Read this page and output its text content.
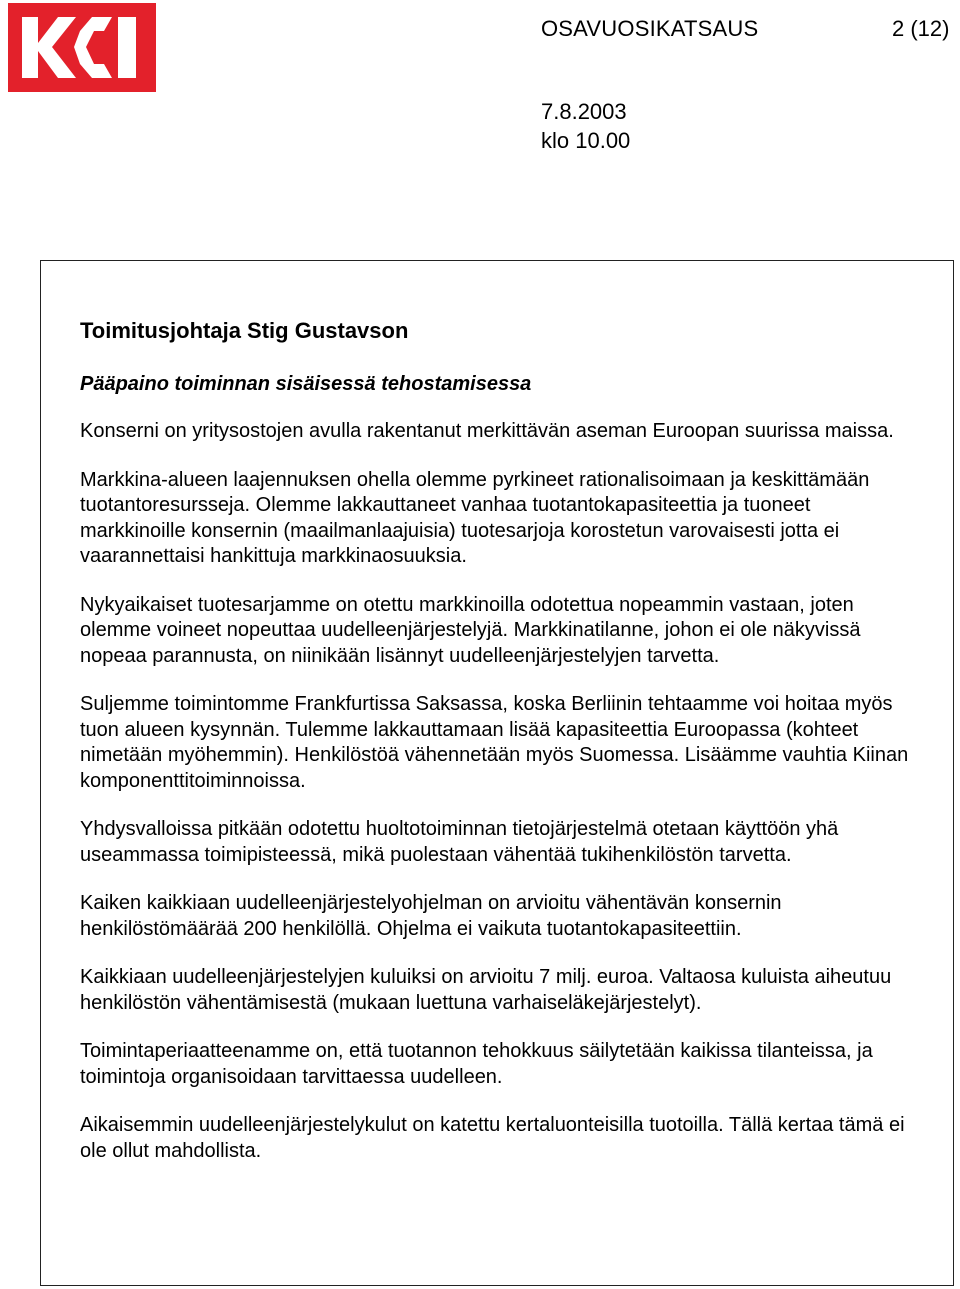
OSAVUOSIKATSAUS	2 (12)
7.8.2003
klo 10.00
Toimitusjohtaja Stig Gustavson
Pääpaino toiminnan sisäisessä tehostamisessa

Konserni on yritysostojen avulla rakentanut merkittävän aseman Euroopan suurissa maissa.

Markkina-alueen laajennuksen ohella olemme pyrkineet rationalisoimaan ja keskittämään tuotantoresursseja. Olemme lakkauttaneet vanhaa tuotantokapasiteettia ja tuoneet markkinoille konsernin (maailmanlaajuisia) tuotesarjoja korostetun varovaisesti jotta ei vaarannettaisi hankittuja markkinaosuuksia.

Nykyaikaiset tuotesarjamme on otettu markkinoilla odotettua nopeammin vastaan, joten olemme voineet nopeuttaa uudelleenjärjestelyjä. Markkinatilanne, johon ei ole näkyvissä nopeaa parannusta, on niinikään lisännyt uudelleenjärjestelyjen tarvetta.

Suljemme toimintomme Frankfurtissa Saksassa, koska Berliinin tehtaamme voi hoitaa myös tuon alueen kysynnän. Tulemme lakkauttamaan lisää kapasiteettia Euroopassa (kohteet nimetään myöhemmin). Henkilöstöä vähennetään myös Suomessa. Lisäämme vauhtia Kiinan komponenttitoiminnoissa.

Yhdysvalloissa pitkään odotettu huoltotoiminnan tietojärjestelmä otetaan käyttöön yhä useammassa toimipisteessä, mikä puolestaan vähentää tukihenkilöstön tarvetta.

Kaiken kaikkiaan uudelleenjärjestelyohjelman on arvioitu vähentävän konsernin henkilöstömäärää 200 henkilöllä. Ohjelma ei vaikuta tuotantokapasiteettiin.

Kaikkiaan uudelleenjärjestelyjen kuluiksi on arvioitu 7 milj. euroa. Valtaosa kuluista aiheutuu henkilöstön vähentämisestä (mukaan luettuna varhaiseläkejärjestelyt).

Toimintaperiaatteenamme on, että tuotannon tehokkuus säilytetään kaikissa tilanteissa, ja toimintoja organisoidaan tarvittaessa uudelleen.

Aikaisemmin uudelleenjärjestelykulut on katettu kertaluonteisilla tuotoilla. Tällä kertaa tämä ei ole ollut mahdollista.
